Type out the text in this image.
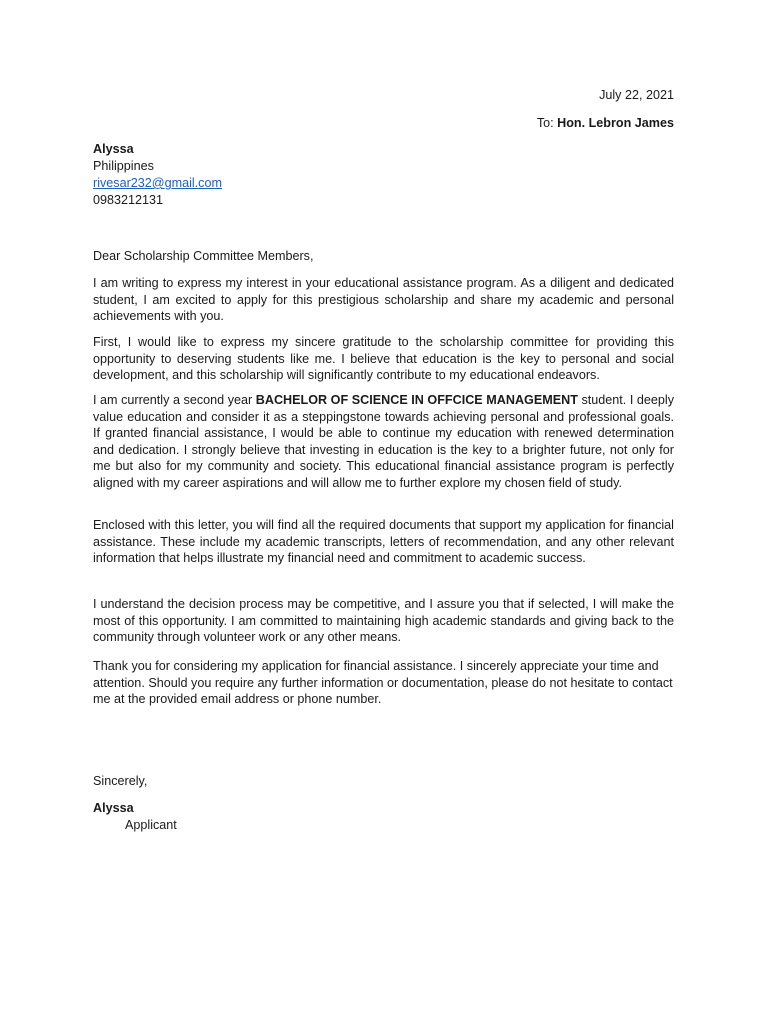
July 22, 2021
To: Hon. Lebron James
Alyssa
Philippines
rivesar232@gmail.com
0983212131
Dear Scholarship Committee Members,

I am writing to express my interest in your educational assistance program. As a diligent and dedicated student, I am excited to apply for this prestigious scholarship and share my academic and personal achievements with you.

First, I would like to express my sincere gratitude to the scholarship committee for providing this opportunity to deserving students like me. I believe that education is the key to personal and social development, and this scholarship will significantly contribute to my educational endeavors.

I am currently a second year BACHELOR OF SCIENCE IN OFFCICE MANAGEMENT student. I deeply value education and consider it as a steppingstone towards achieving personal and professional goals. If granted financial assistance, I would be able to continue my education with renewed determination and dedication. I strongly believe that investing in education is the key to a brighter future, not only for me but also for my community and society. This educational financial assistance program is perfectly aligned with my career aspirations and will allow me to further explore my chosen field of study.

Enclosed with this letter, you will find all the required documents that support my application for financial assistance. These include my academic transcripts, letters of recommendation, and any other relevant information that helps illustrate my financial need and commitment to academic success.

I understand the decision process may be competitive, and I assure you that if selected, I will make the most of this opportunity. I am committed to maintaining high academic standards and giving back to the community through volunteer work or any other means.

Thank you for considering my application for financial assistance. I sincerely appreciate your time and attention. Should you require any further information or documentation, please do not hesitate to contact me at the provided email address or phone number.

Sincerely,
Alyssa
Applicant
